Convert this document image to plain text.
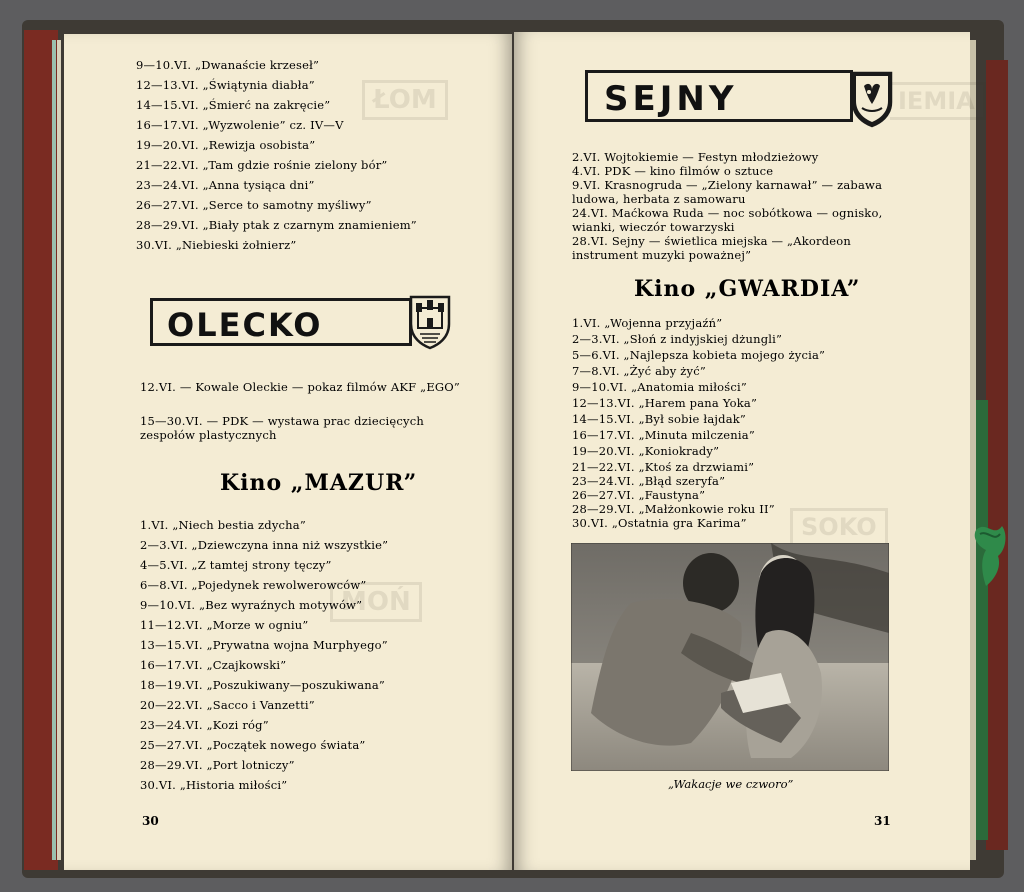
ŁOM
MOŃ
9—10.VI. „Dwanaście krzeseł”
12—13.VI. „Świątynia diabła”
14—15.VI. „Śmierć na zakręcie”
16—17.VI. „Wyzwolenie” cz. IV—V
19—20.VI. „Rewizja osobista”
21—22.VI. „Tam gdzie rośnie zielony bór”
23—24.VI. „Anna tysiąca dni”
26—27.VI. „Serce to samotny myśliwy”
28—29.VI. „Biały ptak z czarnym znamieniem”
30.VI. „Niebieski żołnierz”
OLECKO
12.VI. — Kowale Oleckie — pokaz filmów AKF „EGO”
15—30.VI. — PDK — wystawa prac dziecięcych zespołów plastycznych
Kino „MAZUR”
1.VI. „Niech bestia zdycha”
2—3.VI. „Dziewczyna inna niż wszystkie”
4—5.VI. „Z tamtej strony tęczy”
6—8.VI. „Pojedynek rewolwerowców”
9—10.VI. „Bez wyraźnych motywów”
11—12.VI. „Morze w ogniu”
13—15.VI. „Prywatna wojna Murphyego”
16—17.VI. „Czajkowski”
18—19.VI. „Poszukiwany—poszukiwana”
20—22.VI. „Sacco i Vanzetti”
23—24.VI. „Kozi róg”
25—27.VI. „Początek nowego świata”
28—29.VI. „Port lotniczy”
30.VI. „Historia miłości”
30
IEMIA
SOKO
SEJNY
2.VI. Wojtokiemie — Festyn młodzieżowy
4.VI. PDK — kino filmów o sztuce
9.VI. Krasnogruda — „Zielony karnawał” — zabawa ludowa, herbata z samowaru
24.VI. Maćkowa Ruda — noc sobótkowa — ognisko, wianki, wieczór towarzyski
28.VI. Sejny — świetlica miejska — „Akordeon instrument muzyki poważnej”
Kino „GWARDIA”
1.VI. „Wojenna przyjaźń”
2—3.VI. „Słoń z indyjskiej dżungli”
5—6.VI. „Najlepsza kobieta mojego życia”
7—8.VI. „Żyć aby żyć”
9—10.VI. „Anatomia miłości”
12—13.VI. „Harem pana Yoka”
14—15.VI. „Był sobie łajdak”
16—17.VI. „Minuta milczenia”
19—20.VI. „Koniokrady”
21—22.VI. „Ktoś za drzwiami”
23—24.VI. „Błąd szeryfa”
26—27.VI. „Faustyna”
28—29.VI. „Małżonkowie roku II”
30.VI. „Ostatnia gra Karima”
„Wakacje we czworo”
31
